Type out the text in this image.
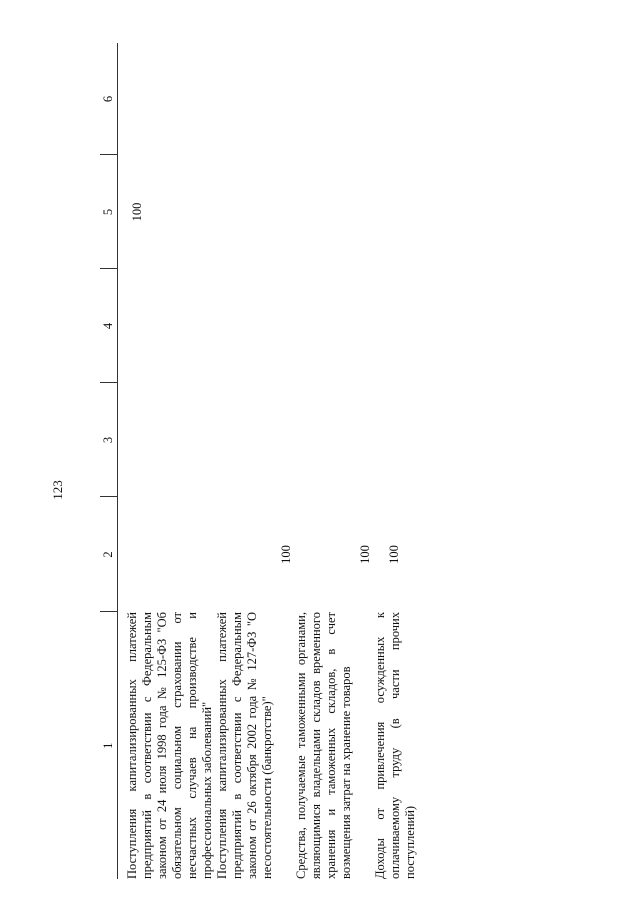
123
1	2	3	4	5	6

Поступления капитализированных платежей предприятий в соответствии с Федеральным законом от 24 июля 1998 года № 125-ФЗ "Об обязательном социальном страховании от несчастных случаев на производстве и профессиональных заболеваний"				100	

Поступления капитализированных платежей предприятий в соответствии с Федеральным законом от 26 октября 2002 года № 127-ФЗ "О несостоятельности (банкротстве)"	100				

Средства, получаемые таможенными органами, являющимися владельцами складов временного хранения и таможенных складов, в счет возмещения затрат на хранение товаров	100				

Доходы от привлечения осужденных к оплачиваемому труду (в части прочих поступлений)	100				
